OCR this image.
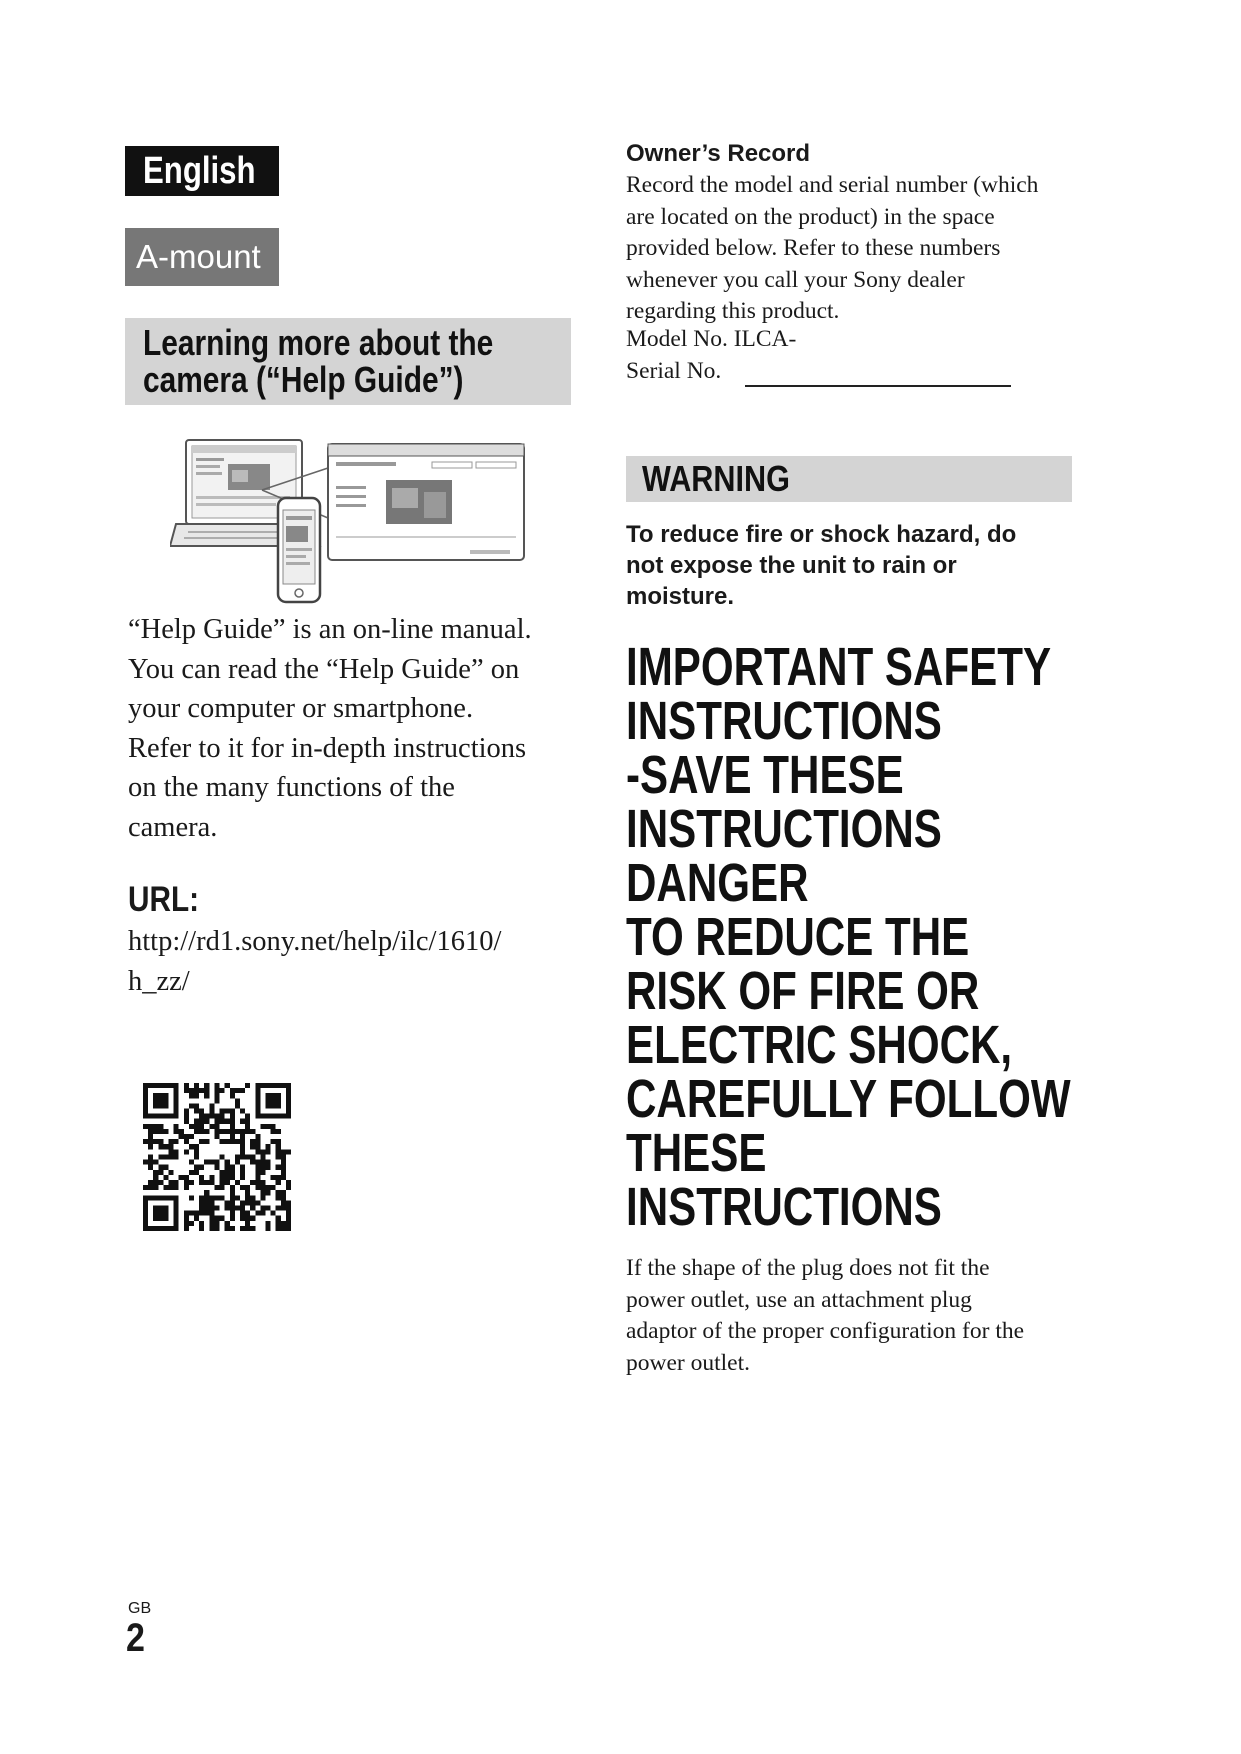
English
A-mount
Learning more about the
camera (“Help Guide”)

“Help Guide” is an on-line manual.

You can read the “Help Guide” on

your computer or smartphone.

Refer to it for in-depth instructions

on the many functions of the

camera.

URL:
http://rd1.sony.net/help/ilc/1610/
h_zz/
Owner’s Record

Record the model and serial number (which

are located on the product) in the space

provided below. Refer to these numbers

whenever you call your Sony dealer

regarding this product.

Model No. ILCA-
Serial No.
WARNING
To reduce fire or shock hazard, do
not expose the unit to rain or
moisture.
IMPORTANT SAFETY
INSTRUCTIONS
-SAVE THESE
INSTRUCTIONS
DANGER
TO REDUCE THE
RISK OF FIRE OR
ELECTRIC SHOCK,
CAREFULLY FOLLOW
THESE
INSTRUCTIONS
If the shape of the plug does not fit the
power outlet, use an attachment plug
adaptor of the proper configuration for the
power outlet.
GB
2
